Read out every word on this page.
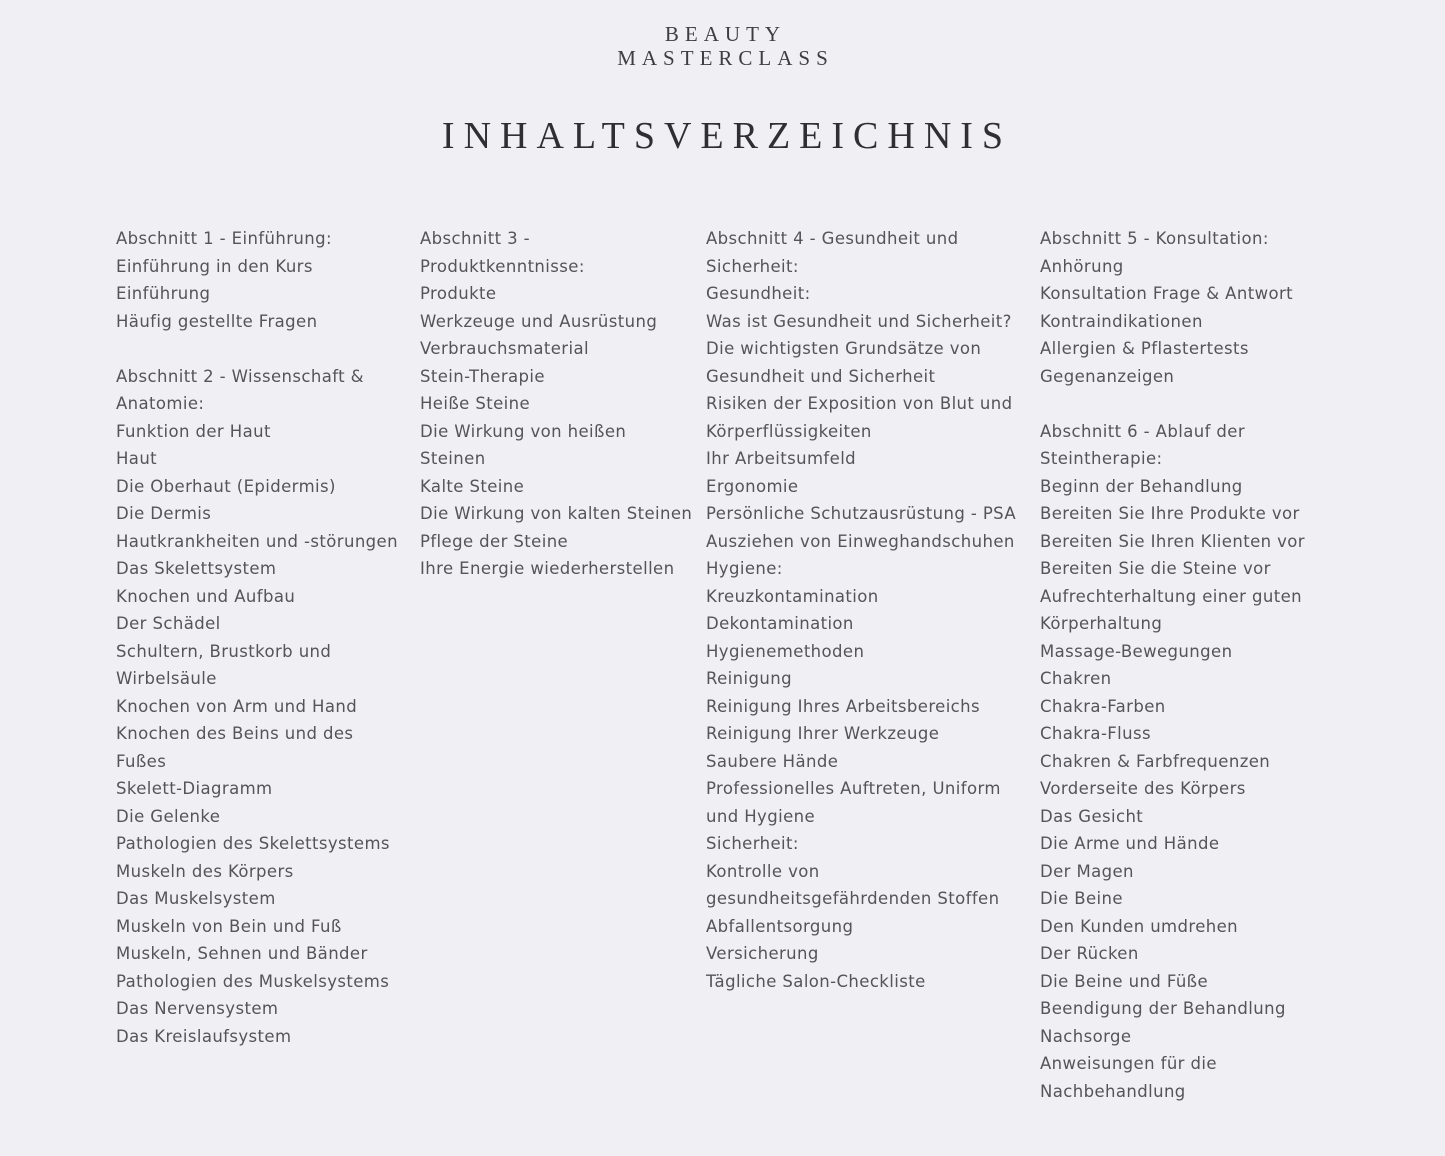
BEAUTY
MASTERCLASS
INHALTSVERZEICHNIS
Abschnitt 1 - Einführung:
Einführung in den Kurs
Einführung
Häufig gestellte Fragen
Abschnitt 2 - Wissenschaft &
Anatomie:
Funktion der Haut
Haut
Die Oberhaut (Epidermis)
Die Dermis
Hautkrankheiten und -störungen
Das Skelettsystem
Knochen und Aufbau
Der Schädel
Schultern, Brustkorb und
Wirbelsäule
Knochen von Arm und Hand
Knochen des Beins und des
Fußes
Skelett-Diagramm
Die Gelenke
Pathologien des Skelettsystems
Muskeln des Körpers
Das Muskelsystem
Muskeln von Bein und Fuß
Muskeln, Sehnen und Bänder
Pathologien des Muskelsystems
Das Nervensystem
Das Kreislaufsystem
Abschnitt 3 -
Produktkenntnisse:
Produkte
Werkzeuge und Ausrüstung
Verbrauchsmaterial
Stein-Therapie
Heiße Steine
Die Wirkung von heißen
Steinen
Kalte Steine
Die Wirkung von kalten Steinen
Pflege der Steine
Ihre Energie wiederherstellen
Abschnitt 4 - Gesundheit und
Sicherheit:
Gesundheit:
Was ist Gesundheit und Sicherheit?
Die wichtigsten Grundsätze von
Gesundheit und Sicherheit
Risiken der Exposition von Blut und
Körperflüssigkeiten
Ihr Arbeitsumfeld
Ergonomie
Persönliche Schutzausrüstung - PSA
Ausziehen von Einweghandschuhen
Hygiene:
Kreuzkontamination
Dekontamination
Hygienemethoden
Reinigung
Reinigung Ihres Arbeitsbereichs
Reinigung Ihrer Werkzeuge
Saubere Hände
Professionelles Auftreten, Uniform
und Hygiene
Sicherheit:
Kontrolle von
gesundheitsgefährdenden Stoffen
Abfallentsorgung
Versicherung
Tägliche Salon-Checkliste
Abschnitt 5 - Konsultation:
Anhörung
Konsultation Frage & Antwort
Kontraindikationen
Allergien & Pflastertests
Gegenanzeigen
Abschnitt 6 - Ablauf der
Steintherapie:
Beginn der Behandlung
Bereiten Sie Ihre Produkte vor
Bereiten Sie Ihren Klienten vor
Bereiten Sie die Steine vor
Aufrechterhaltung einer guten
Körperhaltung
Massage-Bewegungen
Chakren
Chakra-Farben
Chakra-Fluss
Chakren & Farbfrequenzen
Vorderseite des Körpers
Das Gesicht
Die Arme und Hände
Der Magen
Die Beine
Den Kunden umdrehen
Der Rücken
Die Beine und Füße
Beendigung der Behandlung
Nachsorge
Anweisungen für die
Nachbehandlung
